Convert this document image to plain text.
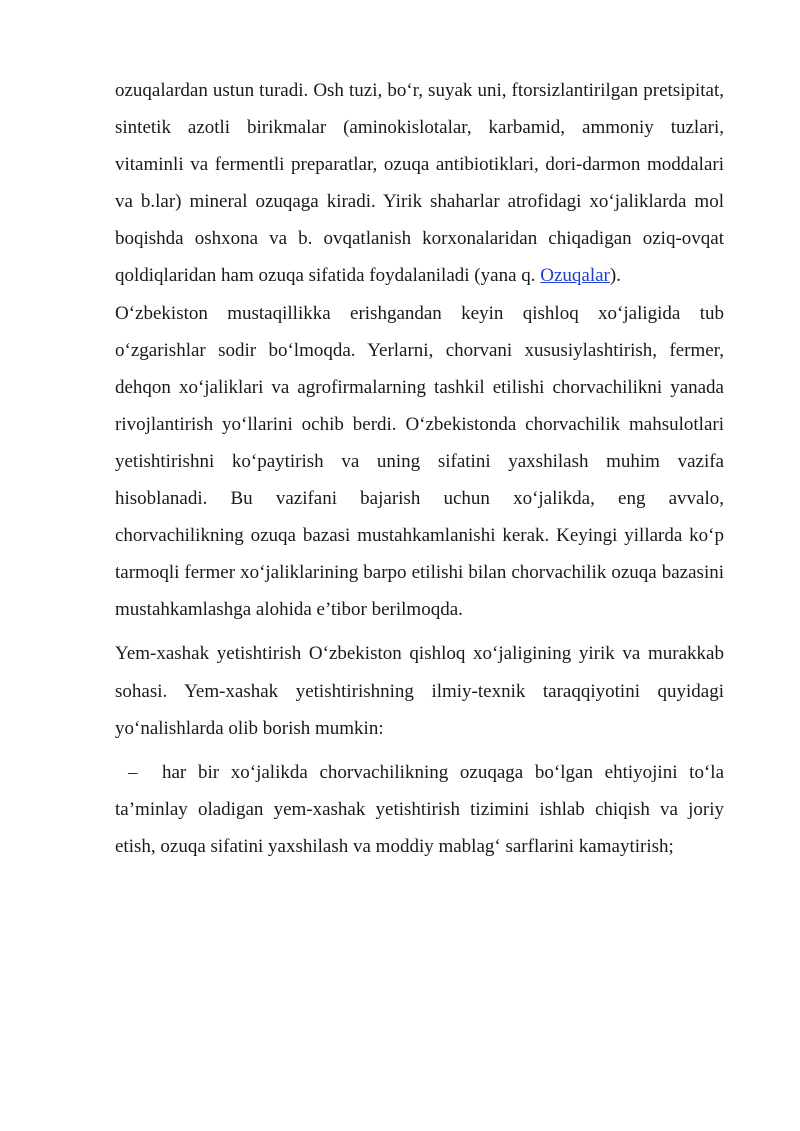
ozuqalardan ustun turadi. Osh tuzi, bo‘r, suyak uni, ftorsizlantirilgan pretsipitat, sintetik azotli birikmalar (aminokislotalar, karbamid, ammoniy tuzlari, vitaminli va fermentli preparatlar, ozuqa antibiotiklari, dori-darmon moddalari va b.lar) mineral ozuqaga kiradi. Yirik shaharlar atrofidagi xo‘jaliklarda mol boqishda oshxona va b. ovqatlanish korxonalaridan chiqadigan oziq-ovqat qoldiqlaridan ham ozuqa sifatida foydalaniladi (yana q. Ozuqalar).

O‘zbekiston mustaqillikka erishgandan keyin qishloq xo‘jaligida tub o‘zgarishlar sodir bo‘lmoqda. Yerlarni, chorvani xususiylashtirish, fermer, dehqon xo‘jaliklari va agrofirmalarning tashkil etilishi chorvachilikni yanada rivojlantirish yo‘llarini ochib berdi. O‘zbekistonda chorvachilik mahsulotlari yetishtirishni ko‘paytirish va uning sifatini yaxshilash muhim vazifa hisoblanadi. Bu vazifani bajarish uchun xo‘jalikda, eng avvalo, chorvachilikning ozuqa bazasi mustahkamlanishi kerak. Keyingi yillarda ko‘p tarmoqli fermer xo‘jaliklarining barpo etilishi bilan chorvachilik ozuqa bazasini mustahkamlashga alohida e’tibor berilmoqda.

Yem-xashak yetishtirish O‘zbekiston qishloq xo‘jaligining yirik va murakkab sohasi. Yem-xashak yetishtirishning ilmiy-texnik taraqqiyotini quyidagi yo‘nalishlarda olib borish mumkin:

– har bir xo‘jalikda chorvachilikning ozuqaga bo‘lgan ehtiyojini to‘la ta’minlay oladigan yem-xashak yetishtirish tizimini ishlab chiqish va joriy etish, ozuqa sifatini yaxshilash va moddiy mablag‘ sarflarini kamaytirish;
